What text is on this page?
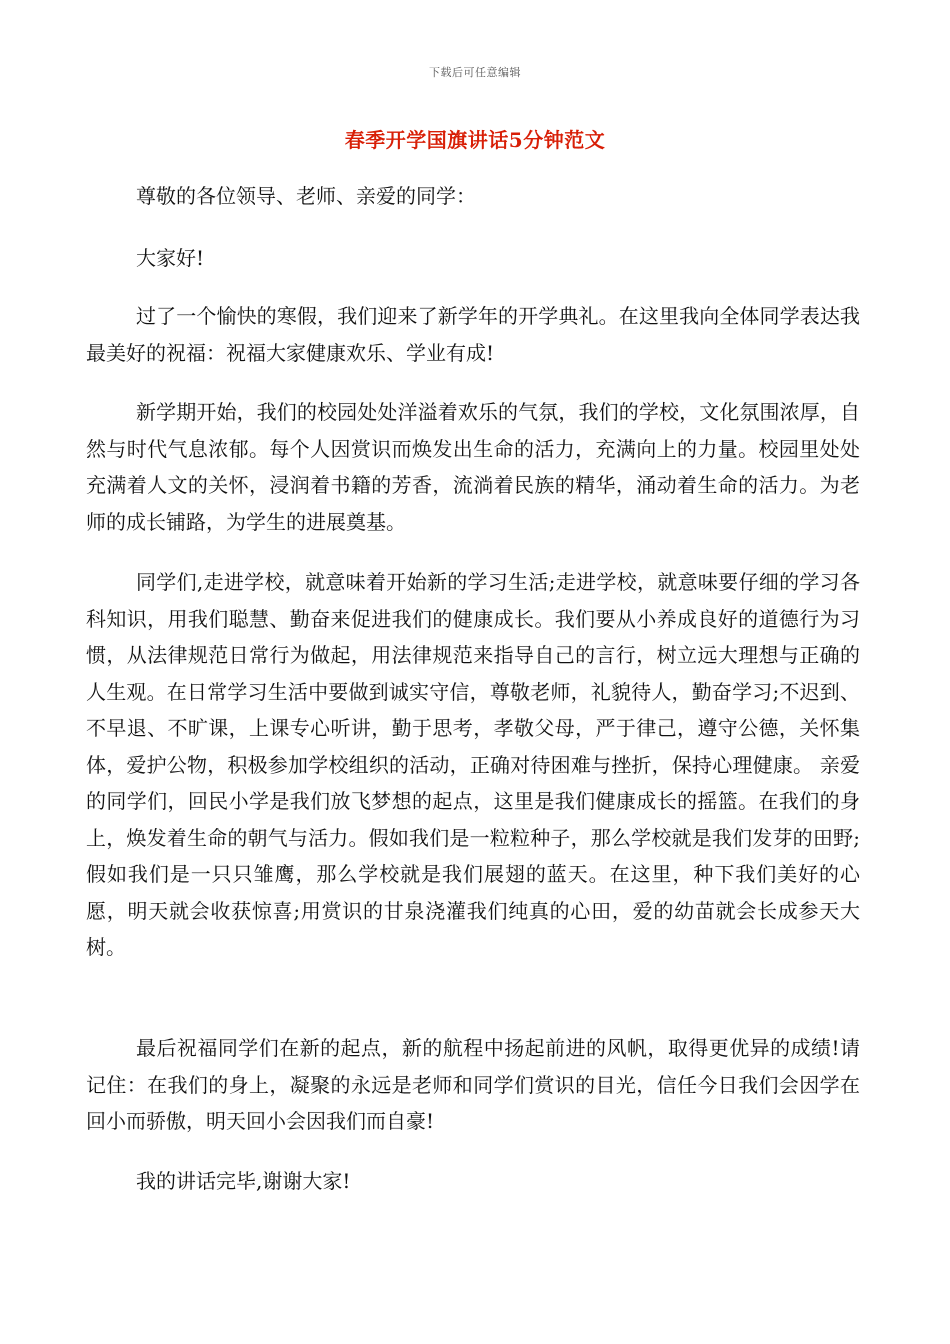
下载后可任意编辑
春季开学国旗讲话5分钟范文
尊敬的各位领导、老师、亲爱的同学：
大家好!
过了一个愉快的寒假，我们迎来了新学年的开学典礼。在这里我向全体同学表达我最美好的祝福：祝福大家健康欢乐、学业有成!
新学期开始，我们的校园处处洋溢着欢乐的气氛，我们的学校，文化氛围浓厚，自然与时代气息浓郁。每个人因赏识而焕发出生命的活力，充满向上的力量。校园里处处充满着人文的关怀，浸润着书籍的芳香，流淌着民族的精华，涌动着生命的活力。为老师的成长铺路，为学生的进展奠基。
同学们,走进学校，就意味着开始新的学习生活;走进学校，就意味要仔细的学习各科知识，用我们聪慧、勤奋来促进我们的健康成长。我们要从小养成良好的道德行为习惯，从法律规范日常行为做起，用法律规范来指导自己的言行，树立远大理想与正确的人生观。在日常学习生活中要做到诚实守信，尊敬老师，礼貌待人，勤奋学习;不迟到、不早退、不旷课，上课专心听讲，勤于思考，孝敬父母，严于律己，遵守公德，关怀集体，爱护公物，积极参加学校组织的活动，正确对待困难与挫折，保持心理健康。 亲爱的同学们，回民小学是我们放飞梦想的起点，这里是我们健康成长的摇篮。在我们的身上，焕发着生命的朝气与活力。假如我们是一粒粒种子，那么学校就是我们发芽的田野;假如我们是一只只雏鹰，那么学校就是我们展翅的蓝天。在这里，种下我们美好的心愿，明天就会收获惊喜;用赏识的甘泉浇灌我们纯真的心田，爱的幼苗就会长成参天大树。
最后祝福同学们在新的起点，新的航程中扬起前进的风帆，取得更优异的成绩!请记住：在我们的身上，凝聚的永远是老师和同学们赏识的目光，信任今日我们会因学在回小而骄傲，明天回小会因我们而自豪!
我的讲话完毕,谢谢大家!
